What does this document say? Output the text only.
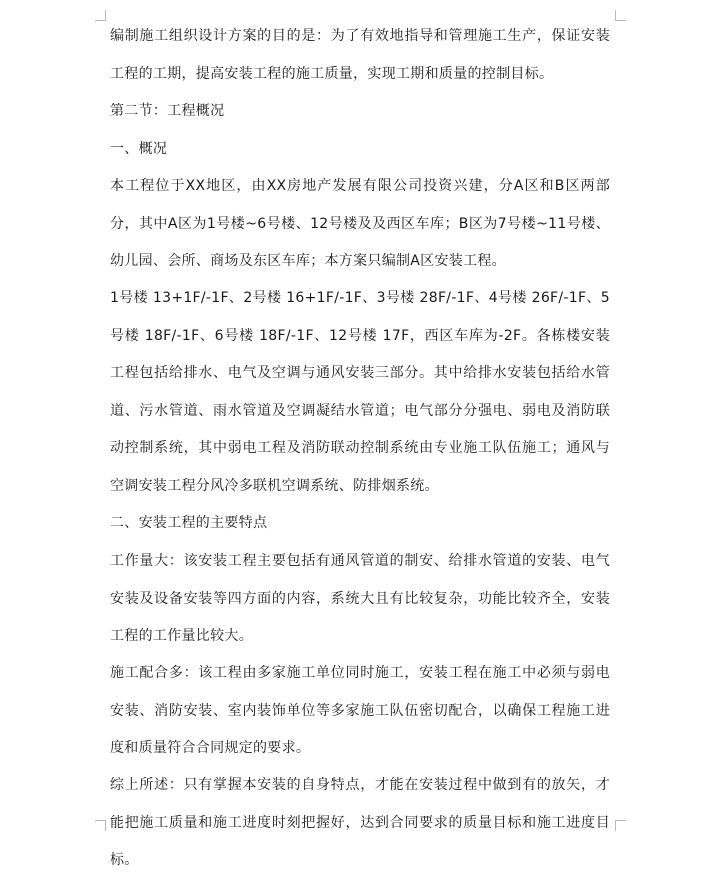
编制施工组织设计方案的目的是：为了有效地指导和管理施工生产，保证安装工程的工期，提高安装工程的施工质量，实现工期和质量的控制目标。

第二节：工程概况

一、概况

本工程位于XX地区，由XX房地产发展有限公司投资兴建，分A区和B区两部分，其中A区为1号楼~6号楼、12号楼及及西区车库；B区为7号楼~11号楼、幼儿园、会所、商场及东区车库；本方案只编制A区安装工程。

1号楼 13+1F/-1F、2号楼 16+1F/-1F、3号楼 28F/-1F、4号楼 26F/-1F、5号楼 18F/-1F、6号楼 18F/-1F、12号楼 17F，西区车库为-2F。各栋楼安装工程包括给排水、电气及空调与通风安装三部分。其中给排水安装包括给水管道、污水管道、雨水管道及空调凝结水管道；电气部分分强电、弱电及消防联动控制系统，其中弱电工程及消防联动控制系统由专业施工队伍施工；通风与空调安装工程分风冷多联机空调系统、防排烟系统。

二、安装工程的主要特点

工作量大：该安装工程主要包括有通风管道的制安、给排水管道的安装、电气安装及设备安装等四方面的内容，系统大且有比较复杂，功能比较齐全，安装工程的工作量比较大。

施工配合多：该工程由多家施工单位同时施工，安装工程在施工中必须与弱电安装、消防安装、室内装饰单位等多家施工队伍密切配合，以确保工程施工进度和质量符合合同规定的要求。

综上所述：只有掌握本安装的自身特点，才能在安装过程中做到有的放矢，才能把施工质量和施工进度时刻把握好，达到合同要求的质量目标和施工进度目标。
